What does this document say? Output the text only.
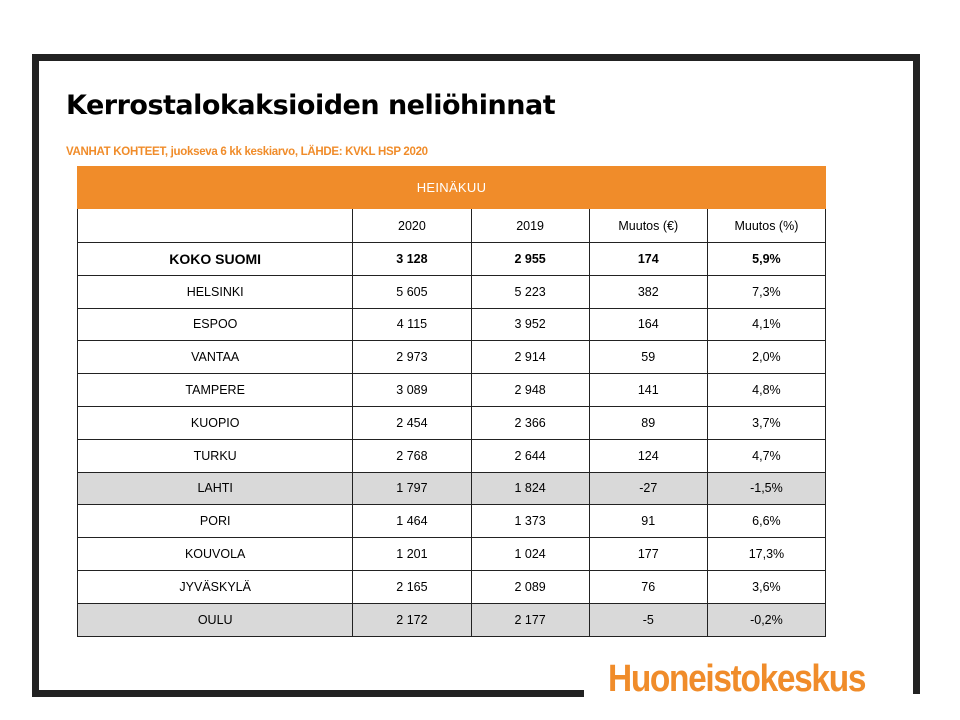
Kerrostalokaksioiden neliöhinnat

VANHAT KOHTEET, juokseva 6 kk keskiarvo, LÄHDE: KVKL HSP 2020

HEINÄKUU				
	2020	2019	Muutos (€)	Muutos (%)
KOKO SUOMI	3 128	2 955	174	5,9%
HELSINKI	5 605	5 223	382	7,3%
ESPOO	4 115	3 952	164	4,1%
VANTAA	2 973	2 914	59	2,0%
TAMPERE	3 089	2 948	141	4,8%
KUOPIO	2 454	2 366	89	3,7%
TURKU	2 768	2 644	124	4,7%
LAHTI	1 797	1 824	-27	-1,5%
PORI	1 464	1 373	91	6,6%
KOUVOLA	1 201	1 024	177	17,3%
JYVÄSKYLÄ	2 165	2 089	76	3,6%
OULU	2 172	2 177	-5	-0,2%
Huoneistokeskus
